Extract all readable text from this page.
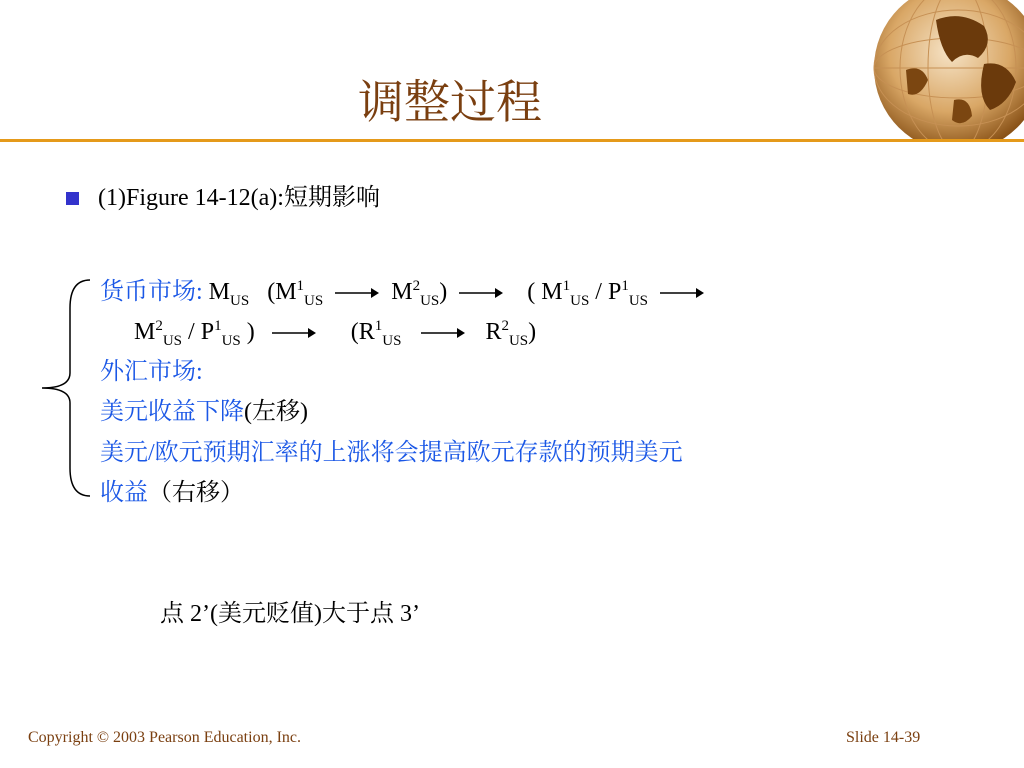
调整过程
(1)Figure 14-12(a):短期影响
货币市场: $M_{US}$ ($M^1_{US}$	$M^2_{US}$)	( $M^1_{US} / P^1_{US}$
$M^2_{US} / P^1_{US}$ )	($R^1_{US}$	$R^2_{US}$)
外汇市场:
美元收益下降(左移)
美元/欧元预期汇率的上涨将会提高欧元存款的预期美元
收益（右移）
点 2’(美元贬值)大于点 3’
Copyright © 2003 Pearson Education, Inc.	Slide 14-39
